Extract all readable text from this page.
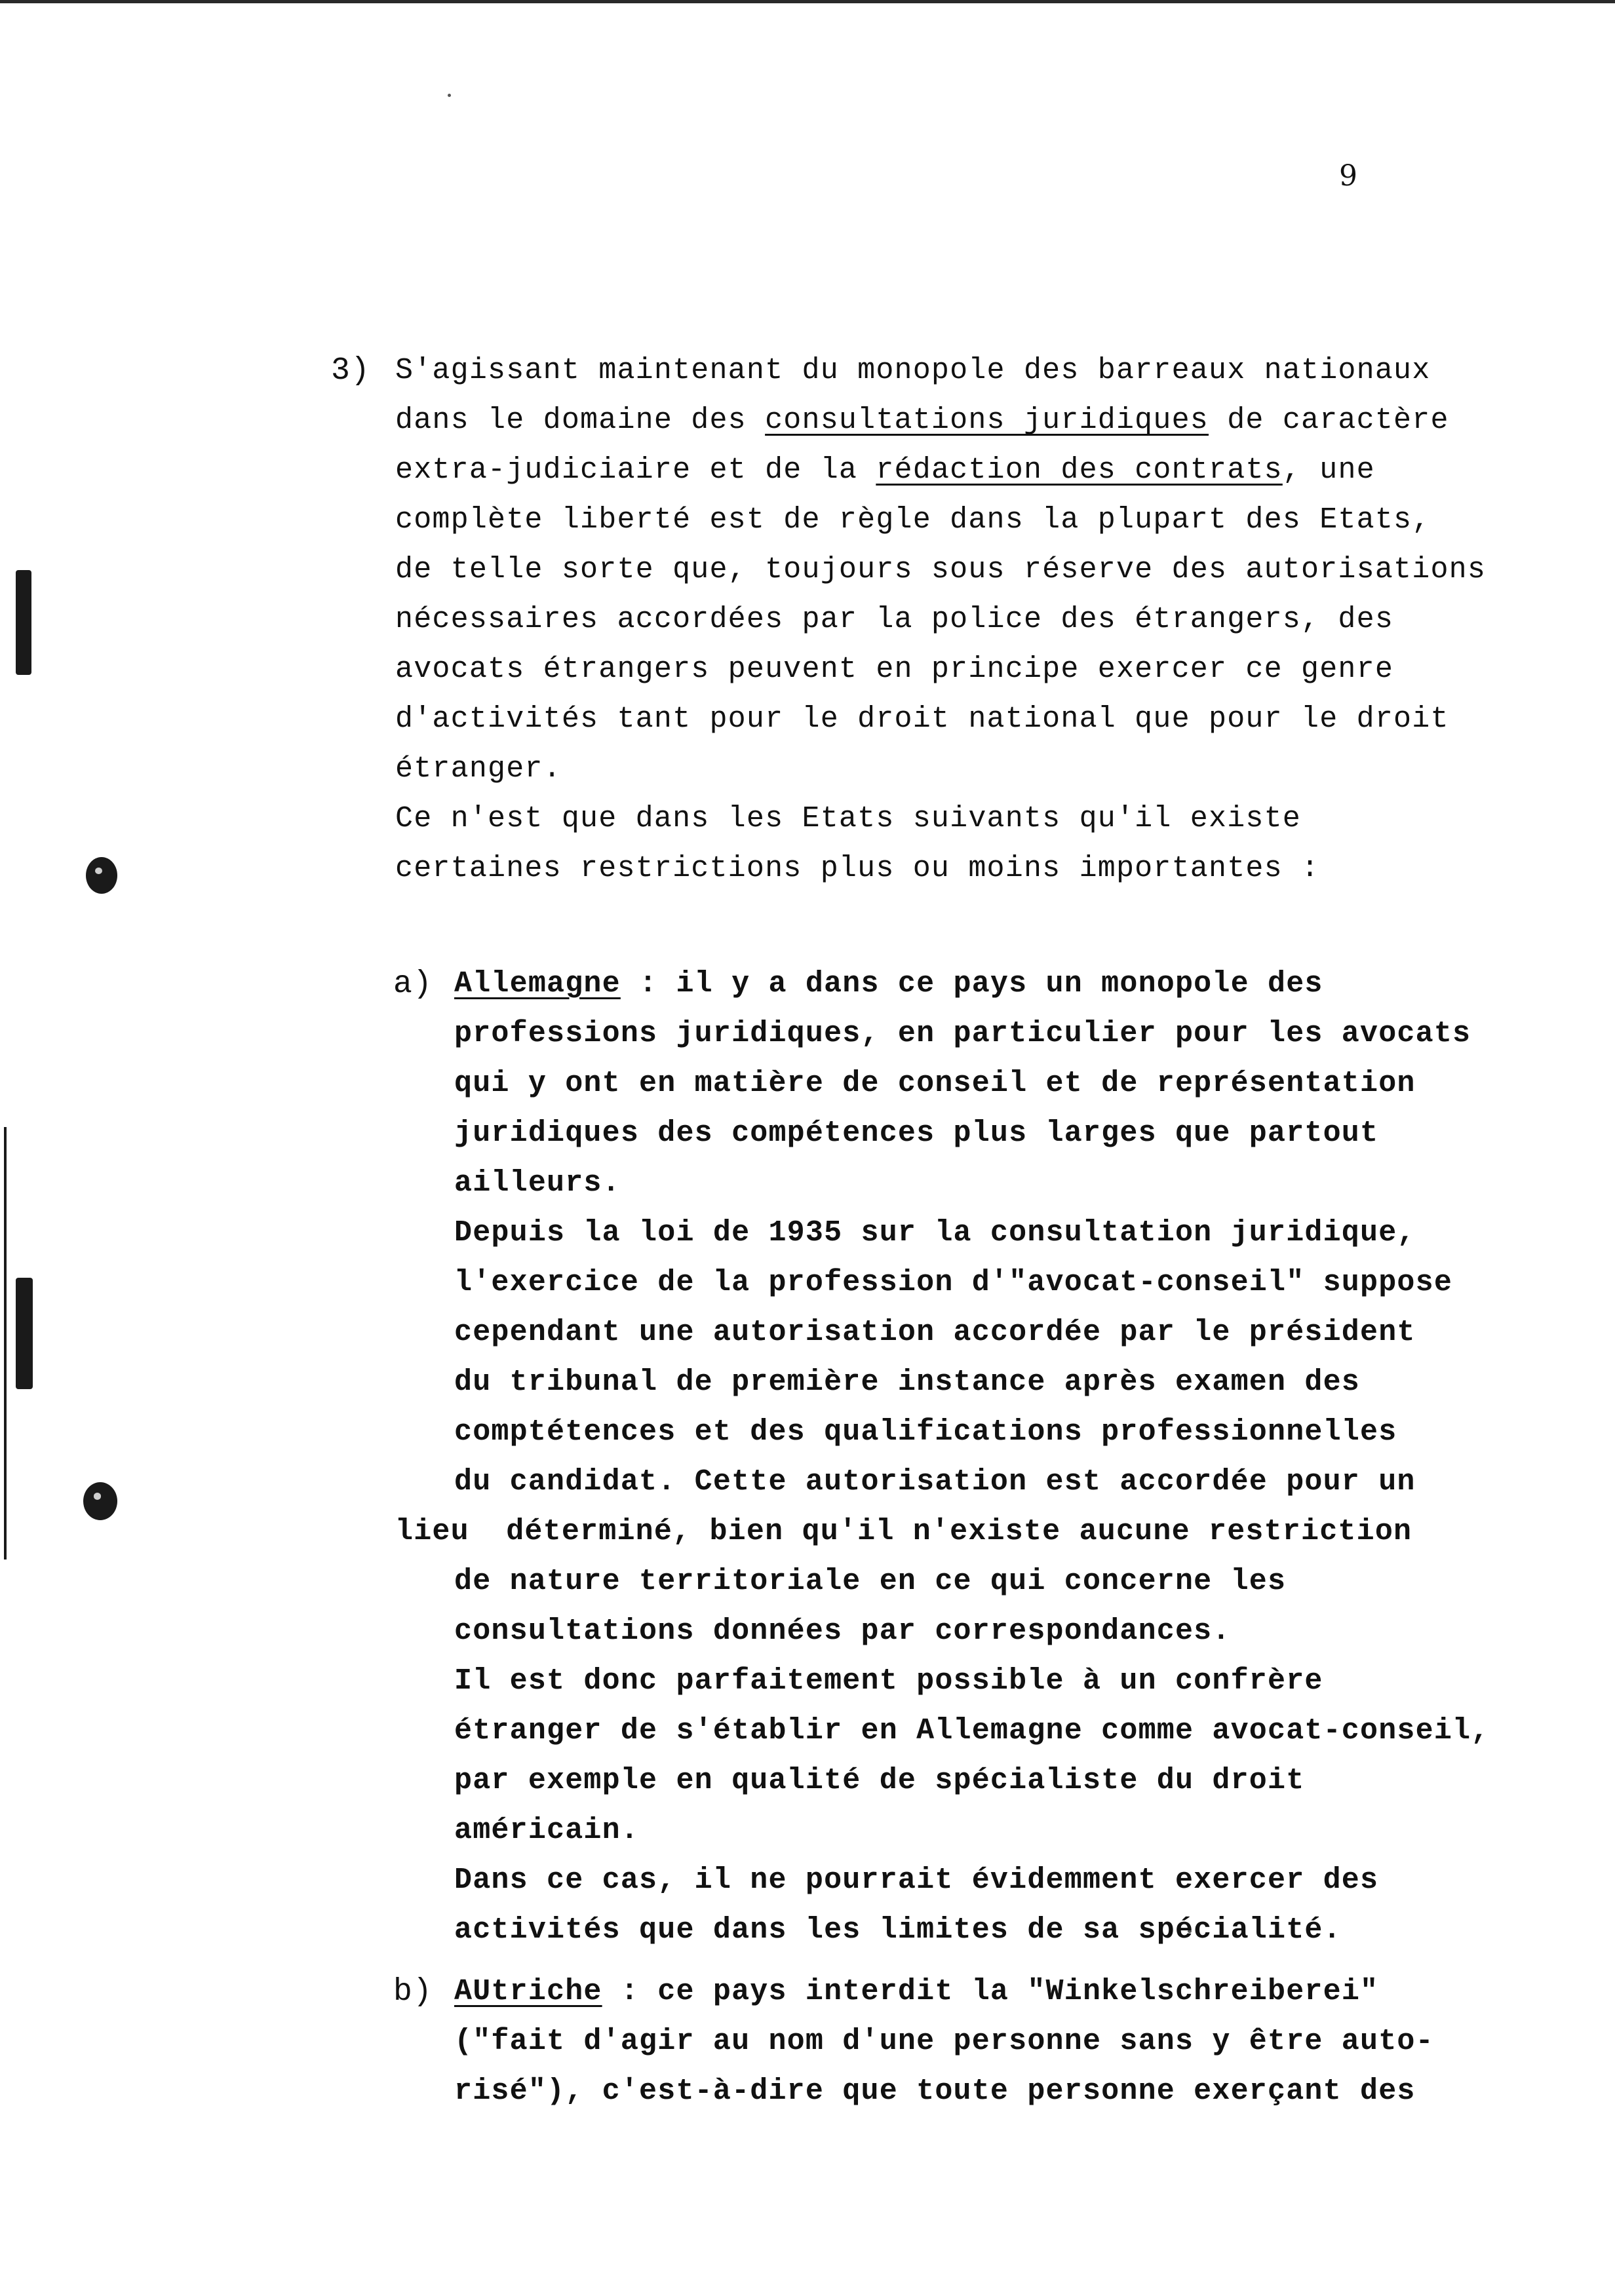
9
3) S'agissant maintenant du monopole des barreaux nationaux
dans le domaine des consultations juridiques de caractère
extra-judiciaire et de la rédaction des contrats, une
complète liberté est de règle dans la plupart des Etats,
de telle sorte que, toujours sous réserve des autorisations
nécessaires accordées par la police des étrangers, des
avocats étrangers peuvent en principe exercer ce genre
d'activités tant pour le droit national que pour le droit
étranger.
Ce n'est que dans les Etats suivants qu'il existe
certaines restrictions plus ou moins importantes :
a) Allemagne : il y a dans ce pays un monopole des
professions juridiques, en particulier pour les avocats
qui y ont en matière de conseil et de représentation
juridiques des compétences plus larges que partout
ailleurs.
Depuis la loi de 1935 sur la consultation juridique,
l'exercice de la profession d'"avocat-conseil" suppose
cependant une autorisation accordée par le président
du tribunal de première instance après examen des
comptétences et des qualifications professionnelles
du candidat. Cette autorisation est accordée pour un
lieu  déterminé, bien qu'il n'existe aucune restriction
de nature territoriale en ce qui concerne les
consultations données par correspondances.
Il est donc parfaitement possible à un confrère
étranger de s'établir en Allemagne comme avocat-conseil,
par exemple en qualité de spécialiste du droit
américain.
Dans ce cas, il ne pourrait évidemment exercer des
activités que dans les limites de sa spécialité.
b) AUtriche : ce pays interdit la "Winkelschreiberei"
("fait d'agir au nom d'une personne sans y être auto-
risé"), c'est-à-dire que toute personne exerçant des
